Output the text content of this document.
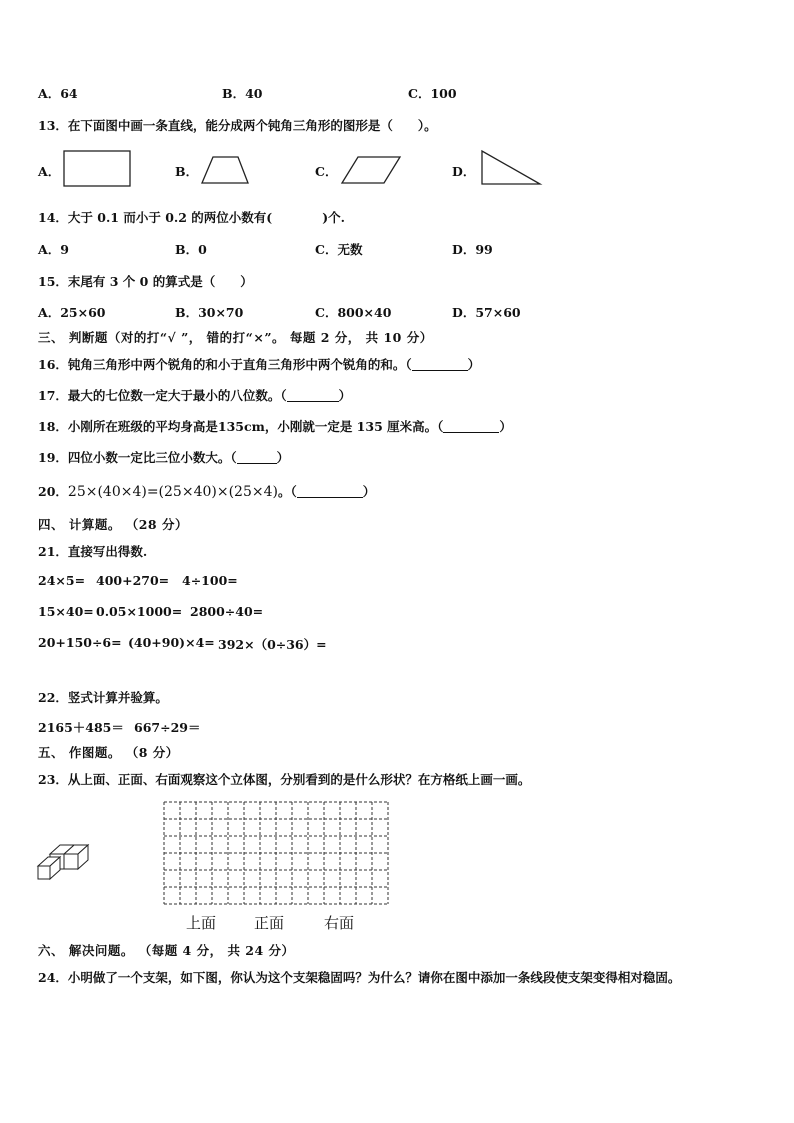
A．64	B．40	C．100
13．在下面图中画一条直线，能分成两个钝角三角形的图形是（　　）。
A．	B．	C．	D．
14．大于 0.1 而小于 0.2 的两位小数有(	)个.
A．9	B．0	C．无数	D．99
15．末尾有 3 个 0 的算式是（　　）
A．25×60	B．30×70	C．800×40	D．57×60
三、 判断题（对的打“√ ”， 错的打“×”。 每题 2 分， 共 10 分）
16．钝角三角形中两个锐角的和小于直角三角形中两个锐角的和。（	）
17．最大的七位数一定大于最小的八位数。（	）
18．小刚所在班级的平均身高是135cm，小刚就一定是 135 厘米高。（	）
19．四位小数一定比三位小数大。（	）
20．25×(40×4)=(25×40)×(25×4)。（	）
四、 计算题。 （28 分）
21．直接写出得数.
24×5= 400+270= 4÷100=
15×40= 0.05×1000= 2800÷40=
20+150÷6= (40+90)×4= 392×（0÷36）=
22．竖式计算并验算。
2165＋485＝ 667÷29＝
五、 作图题。 （8 分）
23．从上面、正面、右面观察这个立体图，分别看到的是什么形状？在方格纸上画一画。
上面	正面	右面
六、 解决问题。 （每题 4 分， 共 24 分）
24．小明做了一个支架，如下图，你认为这个支架稳固吗？为什么？请你在图中添加一条线段使支架变得相对稳固。
